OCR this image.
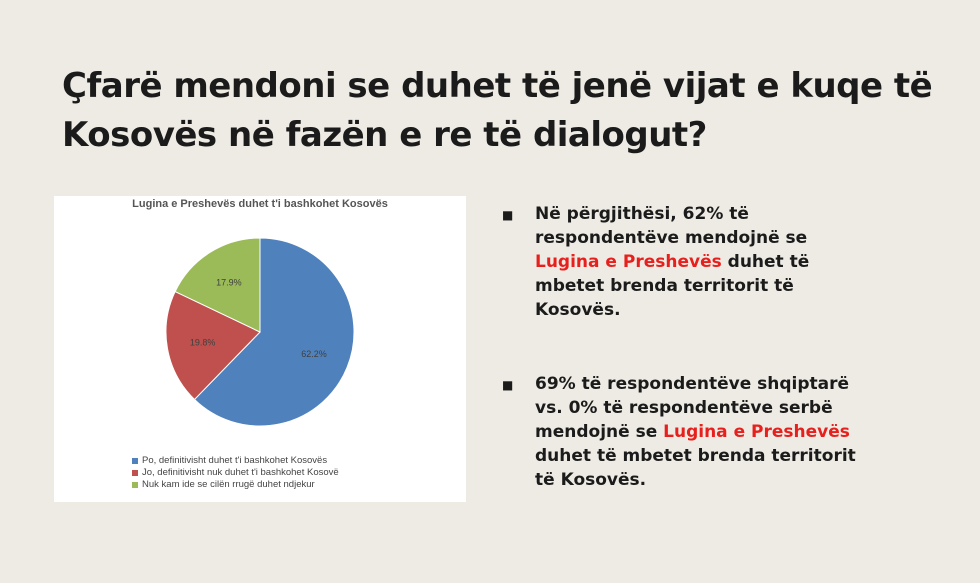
Çfarë mendoni se duhet të jenë vijat e kuqe të Kosovës në fazën e re të dialogut?
Lugina e Preshevës duhet t'i bashkohet Kosovës
62.2%
19.8%
17.9%
Po, definitivisht duhet t'i bashkohet Kosovës
Jo, definitivisht nuk duhet t'i bashkohet Kosovë
Nuk kam ide se cilën rrugë duhet ndjekur
■ Në përgjithësi, 62% të respondentëve mendojnë se Lugina e Preshevës duhet të mbetet brenda territorit të Kosovës.
■ 69% të respondentëve shqiptarë vs. 0% të respondentëve serbë mendojnë se Lugina e Preshevës duhet të mbetet brenda territorit të Kosovës.
